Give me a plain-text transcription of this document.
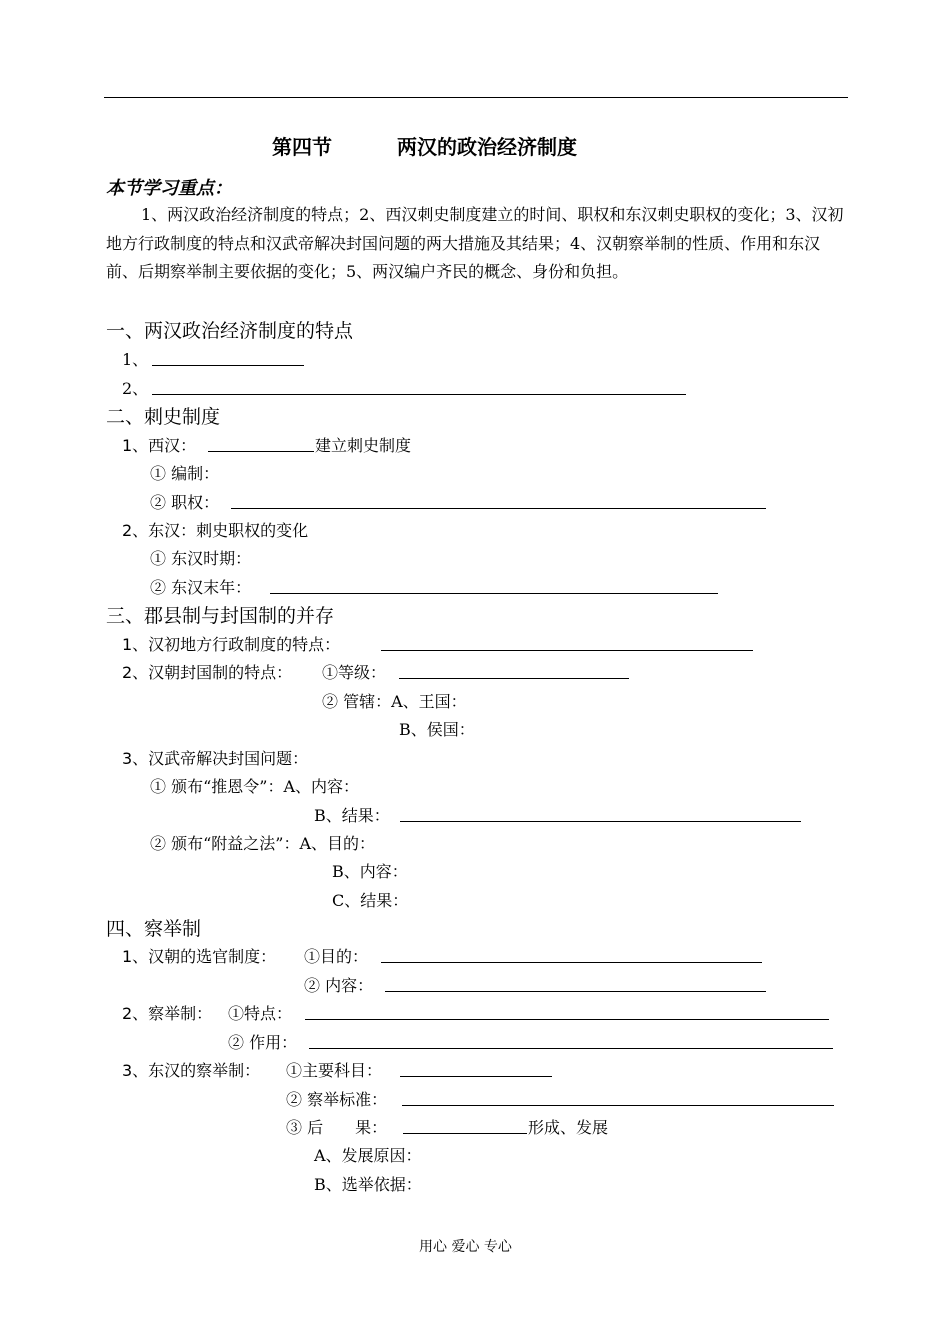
第四节	两汉的政治经济制度
本节学习重点：
1、两汉政治经济制度的特点；2、西汉刺史制度建立的时间、职权和东汉刺史职权的变化；3、汉初地方行政制度的特点和汉武帝解决封国问题的两大措施及其结果；4、汉朝察举制的性质、作用和东汉前、后期察举制主要依据的变化；5、两汉编户齐民的概念、身份和负担。
一、两汉政治经济制度的特点
1、
2、
二、刺史制度
1、西汉：	建立刺史制度
① 编制：
② 职权：
2、东汉：刺史职权的变化
① 东汉时期：
② 东汉末年：
三、郡县制与封国制的并存
1、汉初地方行政制度的特点：
2、汉朝封国制的特点： ①等级：
② 管辖：A、王国：
B、侯国：
3、汉武帝解决封国问题：
① 颁布“推恩令”：A、内容：
B、结果：
② 颁布“附益之法”：A、目的：
B、内容：
C、结果：
四、察举制
1、汉朝的选官制度： ①目的：
② 内容：
2、察举制： ①特点：
② 作用：
3、东汉的察举制： ①主要科目：
② 察举标准：
③ 后　　果：	形成、发展
A、发展原因：
B、选举依据：
用心 爱心 专心
